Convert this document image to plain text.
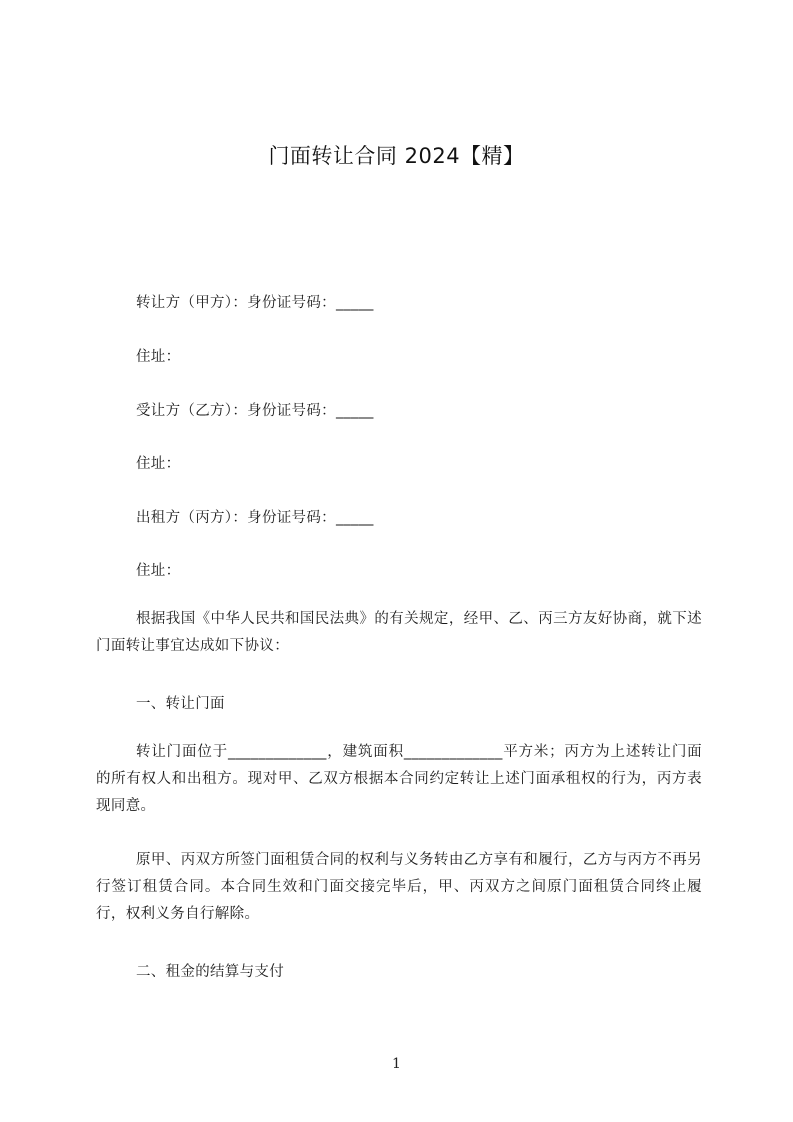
门面转让合同 2024【精】
转让方（甲方）：身份证号码：_____
住址：
受让方（乙方）：身份证号码：_____
住址：
出租方（丙方）：身份证号码：_____
住址：

根据我国《中华人民共和国民法典》的有关规定，经甲、乙、丙三方友好协商，就下述门面转让事宜达成如下协议：

一、转让门面

转让门面位于_____________，建筑面积_____________平方米；丙方为上述转让门面的所有权人和出租方。现对甲、乙双方根据本合同约定转让上述门面承租权的行为，丙方表现同意。

原甲、丙双方所签门面租赁合同的权利与义务转由乙方享有和履行，乙方与丙方不再另行签订租赁合同。本合同生效和门面交接完毕后，甲、丙双方之间原门面租赁合同终止履行，权利义务自行解除。

二、租金的结算与支付
1
